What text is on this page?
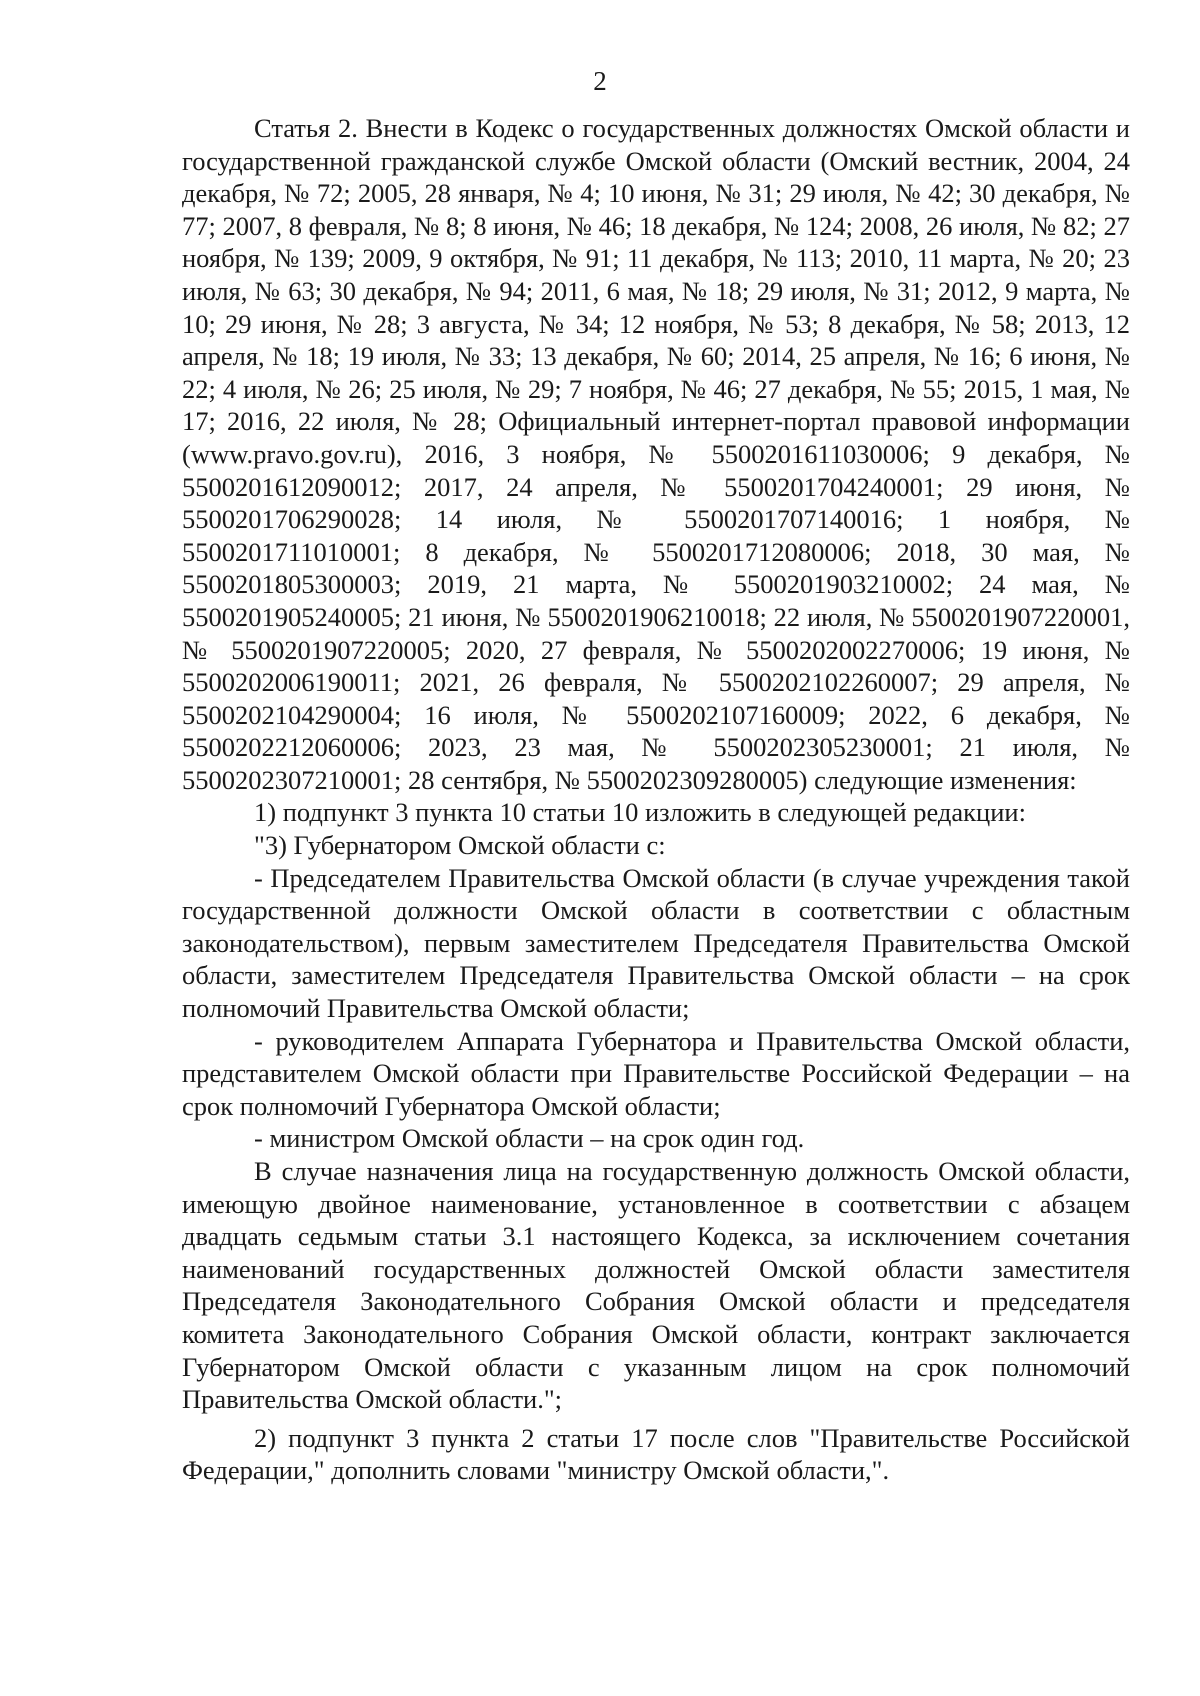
2

Статья 2. Внести в Кодекс о государственных должностях Омской области и государственной гражданской службе Омской области (Омский вестник, 2004, 24 декабря, № 72; 2005, 28 января, № 4; 10 июня, № 31; 29 июля, № 42; 30 декабря, № 77; 2007, 8 февраля, № 8; 8 июня, № 46; 18 декабря, № 124; 2008, 26 июля, № 82; 27 ноября, № 139; 2009, 9 октября, № 91; 11 декабря, № 113; 2010, 11 марта, № 20; 23 июля, № 63; 30 декабря, № 94; 2011, 6 мая, № 18; 29 июля, № 31; 2012, 9 марта, № 10; 29 июня, № 28; 3 августа, № 34; 12 ноября, № 53; 8 декабря, № 58; 2013, 12 апреля, № 18; 19 июля, № 33; 13 декабря, № 60; 2014, 25 апреля, № 16; 6 июня, № 22; 4 июля, № 26; 25 июля, № 29; 7 ноября, № 46; 27 декабря, № 55; 2015, 1 мая, № 17; 2016, 22 июля, № 28; Официальный интернет-портал правовой информации (www.pravo.gov.ru), 2016, 3 ноября, № 5500201611030006; 9 декабря, № 5500201612090012; 2017, 24 апреля, № 5500201704240001; 29 июня, № 5500201706290028; 14 июля, № 5500201707140016; 1 ноября, № 5500201711010001; 8 декабря, № 5500201712080006; 2018, 30 мая, № 5500201805300003; 2019, 21 марта, № 5500201903210002; 24 мая, № 5500201905240005; 21 июня, № 5500201906210018; 22 июля, № 5500201907220001, № 5500201907220005; 2020, 27 февраля, № 5500202002270006; 19 июня, № 5500202006190011; 2021, 26 февраля, № 5500202102260007; 29 апреля, № 5500202104290004; 16 июля, № 5500202107160009; 2022, 6 декабря, № 5500202212060006; 2023, 23 мая, № 5500202305230001; 21 июля, № 5500202307210001; 28 сентября, № 5500202309280005) следующие изменения:

1) подпункт 3 пункта 10 статьи 10 изложить в следующей редакции:

"3) Губернатором Омской области с:

- Председателем Правительства Омской области (в случае учреждения такой государственной должности Омской области в соответствии с областным законодательством), первым заместителем Председателя Правительства Омской области, заместителем Председателя Правительства Омской области – на срок полномочий Правительства Омской области;

- руководителем Аппарата Губернатора и Правительства Омской области, представителем Омской области при Правительстве Российской Федерации – на срок полномочий Губернатора Омской области;

- министром Омской области – на срок один год.

В случае назначения лица на государственную должность Омской области, имеющую двойное наименование, установленное в соответствии с абзацем двадцать седьмым статьи 3.1 настоящего Кодекса, за исключением сочетания наименований государственных должностей Омской области заместителя Председателя Законодательного Собрания Омской области и председателя комитета Законодательного Собрания Омской области, контракт заключается Губернатором Омской области с указанным лицом на срок полномочий Правительства Омской области.";

2) подпункт 3 пункта 2 статьи 17 после слов "Правительстве Российской Федерации," дополнить словами "министру Омской области,".
